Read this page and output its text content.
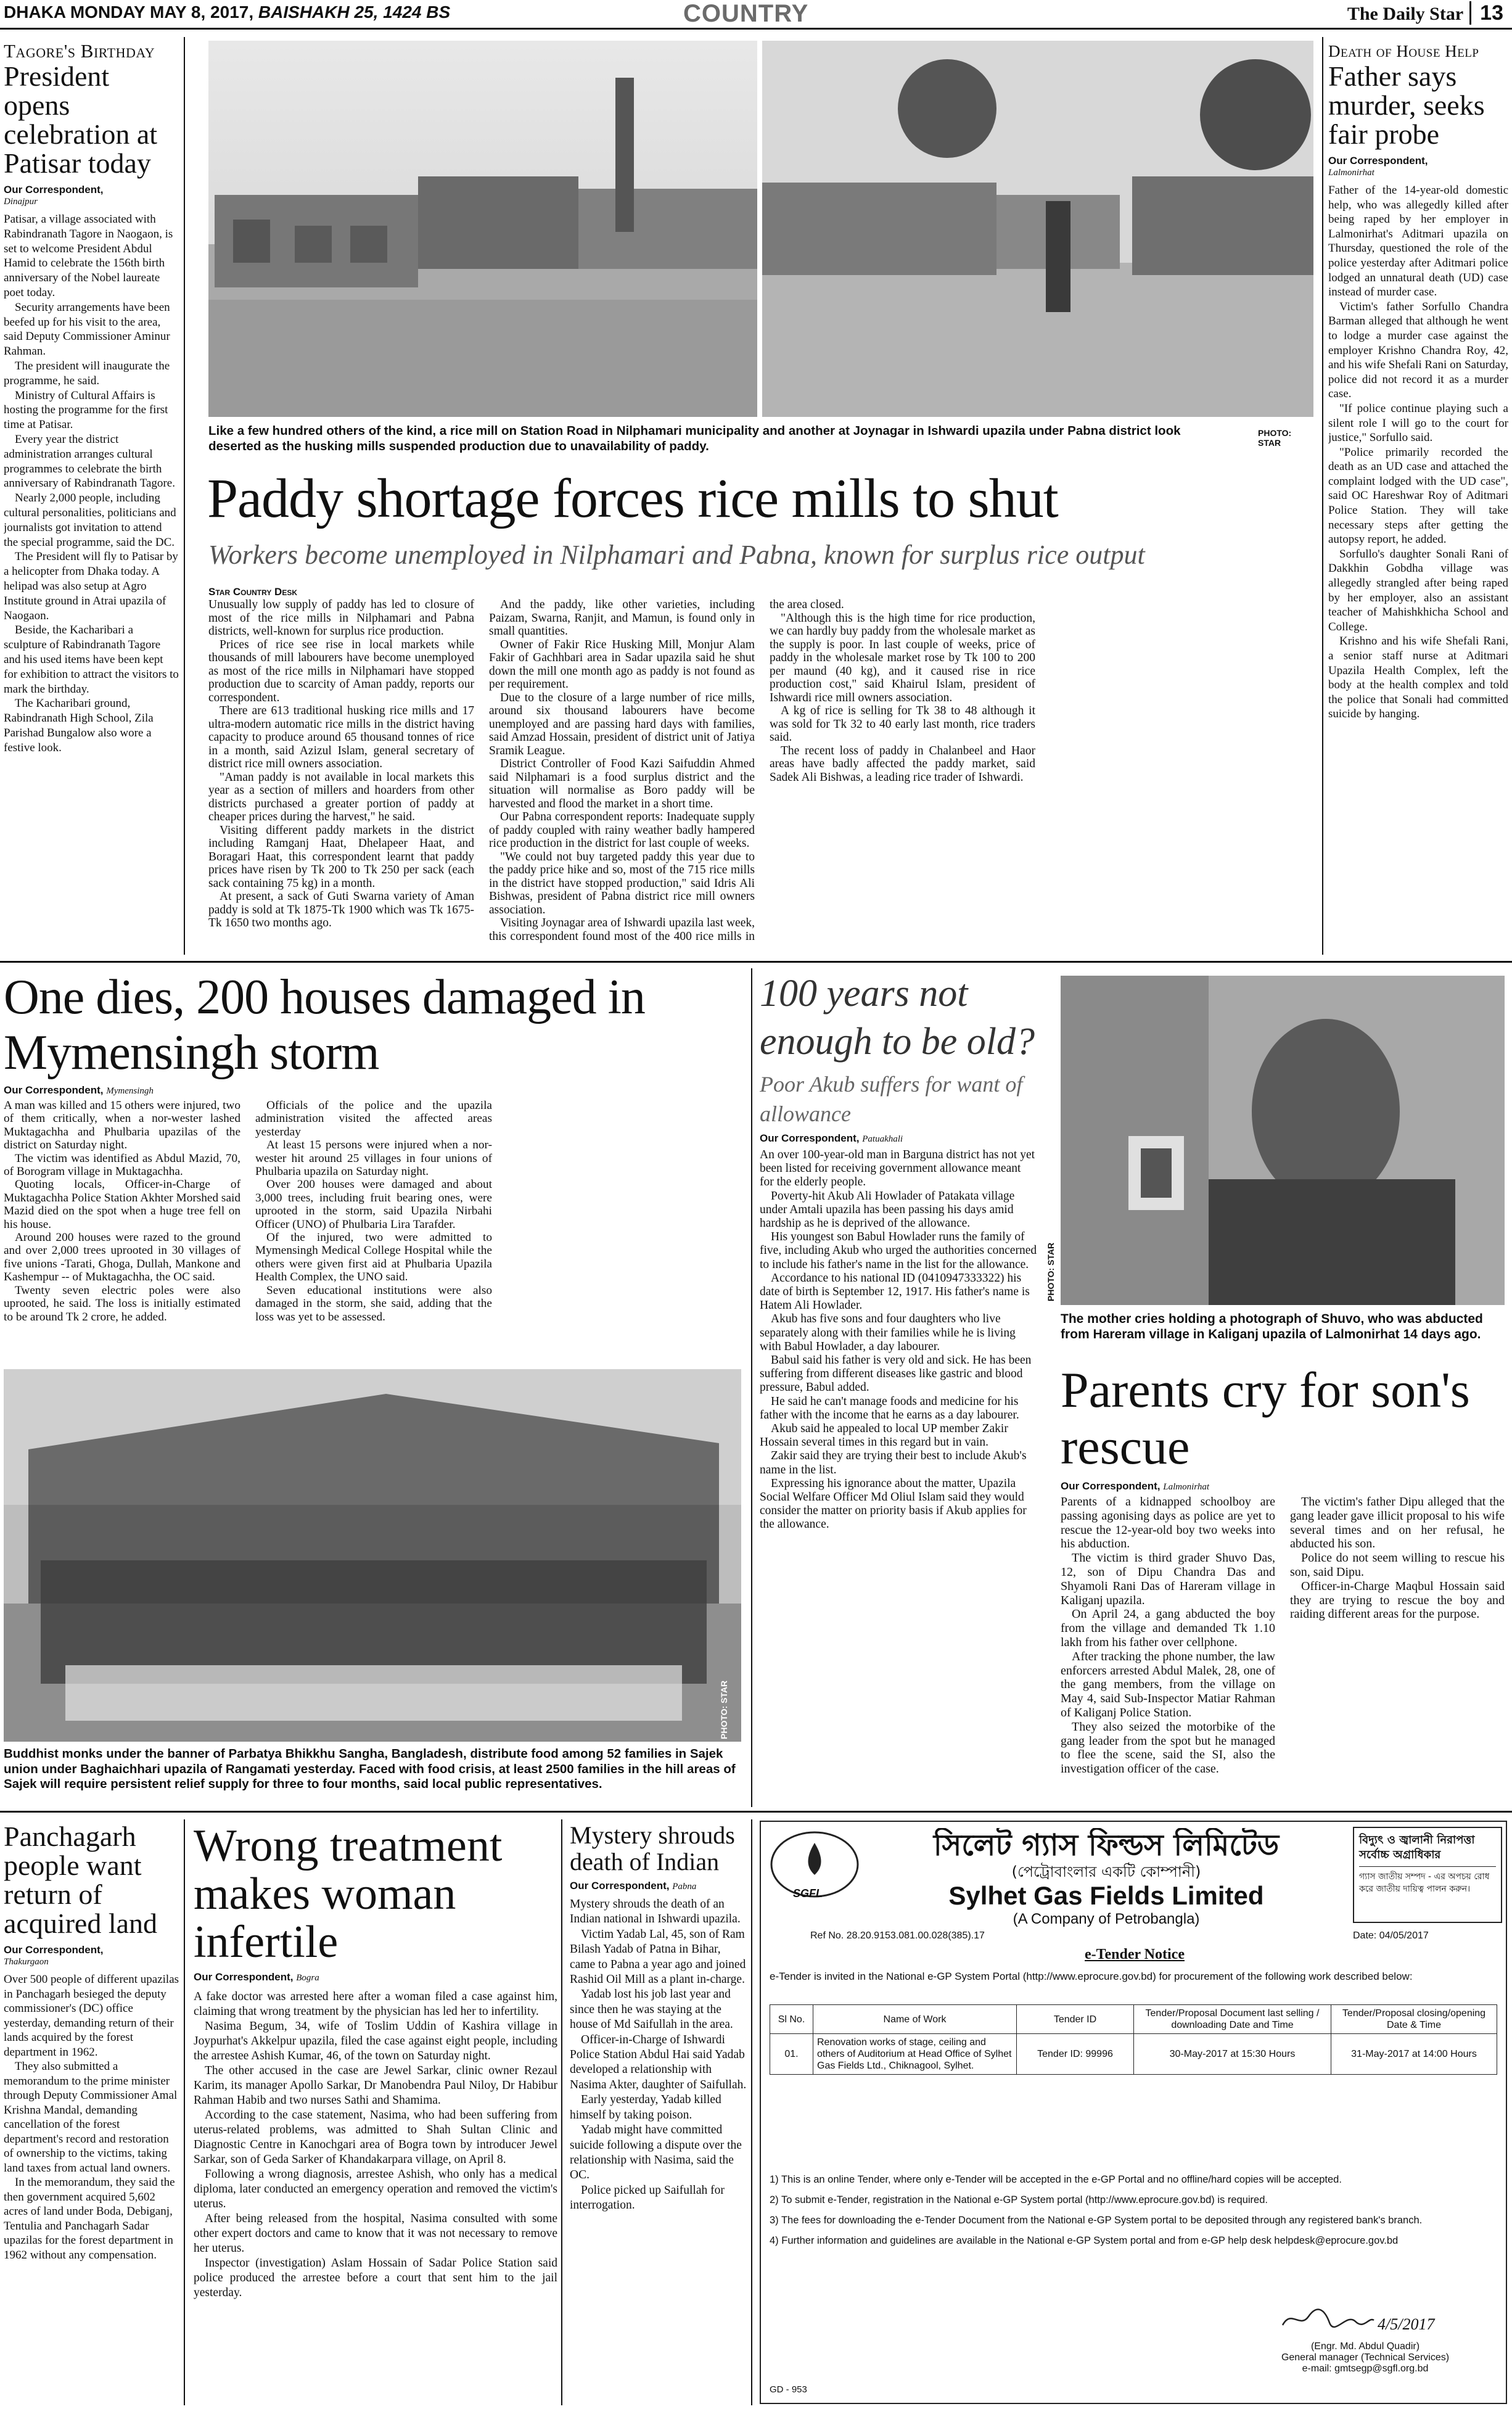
DHAKA MONDAY MAY 8, 2017, BAISHAKH 25, 1424 BS	COUNTRY	The Daily Star 13
Tagore's Birthday
President opens celebration at Patisar today
Our Correspondent,
Dinajpur

Patisar, a village associated with Rabindranath Tagore in Naogaon, is set to welcome President Abdul Hamid to celebrate the 156th birth anniversary of the Nobel laureate poet today.

Security arrangements have been beefed up for his visit to the area, said Deputy Commissioner Aminur Rahman.

The president will inaugurate the programme, he said.

Ministry of Cultural Affairs is hosting the programme for the first time at Patisar.

Every year the district administration arranges cultural programmes to celebrate the birth anniversary of Rabindranath Tagore.

Nearly 2,000 people, including cultural personalities, politicians and journalists got invitation to attend the special programme, said the DC.

The President will fly to Patisar by a helicopter from Dhaka today. A helipad was also setup at Agro Institute ground in Atrai upazila of Naogaon.

Beside, the Kacharibari a sculpture of Rabindranath Tagore and his used items have been kept for exhibition to attract the visitors to mark the birthday.

The Kacharibari ground, Rabindranath High School, Zila Parishad Bungalow also wore a festive look.

Like a few hundred others of the kind, a rice mill on Station Road in Nilphamari municipality and another at Joynagar in Ishwardi upazila under Pabna district look deserted as the husking mills suspended production due to unavailability of paddy.
PHOTO: STAR
Paddy shortage forces rice mills to shut
Workers become unemployed in Nilphamari and Pabna, known for surplus rice output
Star Country Desk

Unusually low supply of paddy has led to closure of most of the rice mills in Nilphamari and Pabna districts, well-known for surplus rice production.

Prices of rice see rise in local markets while thousands of mill labourers have become unemployed as most of the rice mills in Nilphamari have stopped production due to scarcity of Aman paddy, reports our correspondent.

There are 613 traditional husking rice mills and 17 ultra-modern automatic rice mills in the district having capacity to produce around 65 thousand tonnes of rice in a month, said Azizul Islam, general secretary of district rice mill owners association.

"Aman paddy is not available in local markets this year as a section of millers and hoarders from other districts purchased a greater portion of paddy at cheaper prices during the harvest," he said.

Visiting different paddy markets in the district including Ramganj Haat, Dhelapeer Haat, and Boragari Haat, this correspondent learnt that paddy prices have risen by Tk 200 to Tk 250 per sack (each sack containing 75 kg) in a month.

At present, a sack of Guti Swarna variety of Aman paddy is sold at Tk 1875-Tk 1900 which was Tk 1675-Tk 1650 two months ago.

And the paddy, like other varieties, including Paizam, Swarna, Ranjit, and Mamun, is found only in small quantities.

Owner of Fakir Rice Husking Mill, Monjur Alam Fakir of Gachhbari area in Sadar upazila said he shut down the mill one month ago as paddy is not found as per requirement.

Due to the closure of a large number of rice mills, around six thousand labourers have become unemployed and are passing hard days with families, said Amzad Hossain, president of district unit of Jatiya Sramik League.

District Controller of Food Kazi Saifuddin Ahmed said Nilphamari is a food surplus district and the situation will normalise as Boro paddy will be harvested and flood the market in a short time.

Our Pabna correspondent reports: Inadequate supply of paddy coupled with rainy weather badly hampered rice production in the district for last couple of weeks.

"We could not buy targeted paddy this year due to the paddy price hike and so, most of the 715 rice mills in the district have stopped production," said Idris Ali Bishwas, president of Pabna district rice mill owners association.

Visiting Joynagar area of Ishwardi upazila last week, this correspondent found most of the 400 rice mills in the area closed.

"Although this is the high time for rice production, we can hardly buy paddy from the wholesale market as the supply is poor. In last couple of weeks, price of paddy in the wholesale market rose by Tk 100 to 200 per maund (40 kg), and it caused rise in rice production cost," said Khairul Islam, president of Ishwardi rice mill owners association.

A kg of rice is selling for Tk 38 to 48 although it was sold for Tk 32 to 40 early last month, rice traders said.

The recent loss of paddy in Chalanbeel and Haor areas have badly affected the paddy market, said Sadek Ali Bishwas, a leading rice trader of Ishwardi.

Death of House Help
Father says murder, seeks fair probe
Our Correspondent,
Lalmonirhat

Father of the 14-year-old domestic help, who was allegedly killed after being raped by her employer in Lalmonirhat's Aditmari upazila on Thursday, questioned the role of the police yesterday after Aditmari police lodged an unnatural death (UD) case instead of murder case.

Victim's father Sorfullo Chandra Barman alleged that although he went to lodge a murder case against the employer Krishno Chandra Roy, 42, and his wife Shefali Rani on Saturday, police did not record it as a murder case.

"If police continue playing such a silent role I will go to the court for justice," Sorfullo said.

"Police primarily recorded the death as an UD case and attached the complaint lodged with the UD case", said OC Hareshwar Roy of Aditmari Police Station. They will take necessary steps after getting the autopsy report, he added.

Sorfullo's daughter Sonali Rani of Dakkhin Gobdha village was allegedly strangled after being raped by her employer, also an assistant teacher of Mahishkhicha School and College.

Krishno and his wife Shefali Rani, a senior staff nurse at Aditmari Upazila Health Complex, left the body at the health complex and told the police that Sonali had committed suicide by hanging.

One dies, 200 houses damaged in Mymensingh storm
Our Correspondent, Mymensingh

A man was killed and 15 others were injured, two of them critically, when a nor-wester lashed Muktagachha and Phulbaria upazilas of the district on Saturday night.

The victim was identified as Abdul Mazid, 70, of Borogram village in Muktagachha.

Quoting locals, Officer-in-Charge of Muktagachha Police Station Akhter Morshed said Mazid died on the spot when a huge tree fell on his house.

Around 200 houses were razed to the ground and over 2,000 trees uprooted in 30 villages of five unions -Tarati, Ghoga, Dullah, Mankone and Kashempur -- of Muktagachha, the OC said.

Twenty seven electric poles were also uprooted, he said. The loss is initially estimated to be around Tk 2 crore, he added.

Officials of the police and the upazila administration visited the affected areas yesterday

At least 15 persons were injured when a nor-wester hit around 25 villages in four unions of Phulbaria upazila on Saturday night.

Over 200 houses were damaged and about 3,000 trees, including fruit bearing ones, were uprooted in the storm, said Upazila Nirbahi Officer (UNO) of Phulbaria Lira Tarafder.

Of the injured, two were admitted to Mymensingh Medical College Hospital while the others were given first aid at Phulbaria Upazila Health Complex, the UNO said.

Seven educational institutions were also damaged in the storm, she said, adding that the loss was yet to be assessed.

PHOTO: STAR
Buddhist monks under the banner of Parbatya Bhikkhu Sangha, Bangladesh, distribute food among 52 families in Sajek union under Baghaichhari upazila of Rangamati yesterday. Faced with food crisis, at least 2500 families in the hill areas of Sajek will require persistent relief supply for three to four months, said local public representatives.
100 years not enough to be old?
Poor Akub suffers for want of allowance
Our Correspondent, Patuakhali

An over 100-year-old man in Barguna district has not yet been listed for receiving government allowance meant for the elderly people.

Poverty-hit Akub Ali Howlader of Patakata village under Amtali upazila has been passing his days amid hardship as he is deprived of the allowance.

His youngest son Babul Howlader runs the family of five, including Akub who urged the authorities concerned to include his father's name in the list for the allowance.

Accordance to his national ID (0410947333322) his date of birth is September 12, 1917. His father's name is Hatem Ali Howlader.

Akub has five sons and four daughters who live separately along with their families while he is living with Babul Howlader, a day labourer.

Babul said his father is very old and sick. He has been suffering from different diseases like gastric and blood pressure, Babul added.

He said he can't manage foods and medicine for his father with the income that he earns as a day labourer.

Akub said he appealed to local UP member Zakir Hossain several times in this regard but in vain.

Zakir said they are trying their best to include Akub's name in the list.

Expressing his ignorance about the matter, Upazila Social Welfare Officer Md Oliul Islam said they would consider the matter on priority basis if Akub applies for the allowance.

PHOTO: STAR
The mother cries holding a photograph of Shuvo, who was abducted from Hareram village in Kaliganj upazila of Lalmonirhat 14 days ago.
Parents cry for son's rescue
Our Correspondent, Lalmonirhat

Parents of a kidnapped schoolboy are passing agonising days as police are yet to rescue the 12-year-old boy two weeks into his abduction.

The victim is third grader Shuvo Das, 12, son of Dipu Chandra Das and Shyamoli Rani Das of Hareram village in Kaliganj upazila.

On April 24, a gang abducted the boy from the village and demanded Tk 1.10 lakh from his father over cellphone.

After tracking the phone number, the law enforcers arrested Abdul Malek, 28, one of the gang members, from the village on May 4, said Sub-Inspector Matiar Rahman of Kaliganj Police Station.

They also seized the motorbike of the gang leader from the spot but he managed to flee the scene, said the SI, also the investigation officer of the case.

The victim's father Dipu alleged that the gang leader gave illicit proposal to his wife several times and on her refusal, he abducted his son.

Police do not seem willing to rescue his son, said Dipu.

Officer-in-Charge Maqbul Hossain said they are trying to rescue the boy and raiding different areas for the purpose.

Panchagarh people want return of acquired land
Our Correspondent,
Thakurgaon

Over 500 people of different upazilas in Panchagarh besieged the deputy commissioner's (DC) office yesterday, demanding return of their lands acquired by the forest department in 1962.

They also submitted a memorandum to the prime minister through Deputy Commissioner Amal Krishna Mandal, demanding cancellation of the forest department's record and restoration of ownership to the victims, taking land taxes from actual land owners.

In the memorandum, they said the then government acquired 5,602 acres of land under Boda, Debiganj, Tentulia and Panchagarh Sadar upazilas for the forest department in 1962 without any compensation.

Wrong treatment makes woman infertile
Our Correspondent, Bogra

A fake doctor was arrested here after a woman filed a case against him, claiming that wrong treatment by the physician has led her to infertility.

Nasima Begum, 34, wife of Toslim Uddin of Kashira village in Joypurhat's Akkelpur upazila, filed the case against eight people, including the arrestee Ashish Kumar, 46, of the town on Saturday night.

The other accused in the case are Jewel Sarkar, clinic owner Rezaul Karim, its manager Apollo Sarkar, Dr Manobendra Paul Niloy, Dr Habibur Rahman Habib and two nurses Sathi and Shamima.

According to the case statement, Nasima, who had been suffering from uterus-related problems, was admitted to Shah Sultan Clinic and Diagnostic Centre in Kanochgari area of Bogra town by introducer Jewel Sarkar, son of Geda Sarker of Khandakarpara village, on April 8.

Following a wrong diagnosis, arrestee Ashish, who only has a medical diploma, later conducted an emergency operation and removed the victim's uterus.

After being released from the hospital, Nasima consulted with some other expert doctors and came to know that it was not necessary to remove her uterus.

Inspector (investigation) Aslam Hossain of Sadar Police Station said police produced the arrestee before a court that sent him to the jail yesterday.

Mystery shrouds death of Indian
Our Correspondent, Pabna

Mystery shrouds the death of an Indian national in Ishwardi upazila.

Victim Yadab Lal, 45, son of Ram Bilash Yadab of Patna in Bihar, came to Pabna a year ago and joined Rashid Oil Mill as a plant in-charge.

Yadab lost his job last year and since then he was staying at the house of Md Saifullah in the area.

Officer-in-Charge of Ishwardi Police Station Abdul Hai said Yadab developed a relationship with Nasima Akter, daughter of Saifullah.

Early yesterday, Yadab killed himself by taking poison.

Yadab might have committed suicide following a dispute over the relationship with Nasima, said the OC.

Police picked up Saifullah for interrogation.

SGFL
সিলেট গ্যাস ফিল্ডস লিমিটেড
(পেট্রোবাংলার একটি কোম্পানী)
Sylhet Gas Fields Limited
(A Company of Petrobangla)
বিদ্যুৎ ও জ্বালানী নিরাপত্তা সর্বোচ্চ অগ্রাধিকার
গ্যাস জাতীয় সম্পদ - এর অপচয় রোধ করে জাতীয় দায়িত্ব পালন করুন।
Ref No. 28.20.9153.081.00.028(385).17	Date: 04/05/2017
e-Tender Notice
e-Tender is invited in the National e-GP System Portal (http://www.eprocure.gov.bd) for procurement of the following work described below:
Sl No.	Name of Work	Tender ID	Tender/Proposal Document last selling / downloading Date and Time	Tender/Proposal closing/opening Date & Time
01.	Renovation works of stage, ceiling and others of Auditorium at Head Office of Sylhet Gas Fields Ltd., Chiknagool, Sylhet.	Tender ID: 99996	30-May-2017 at 15:30 Hours	31-May-2017 at 14:00 Hours
1) This is an online Tender, where only e-Tender will be accepted in the e-GP Portal and no offline/hard copies will be accepted.
2) To submit e-Tender, registration in the National e-GP System portal (http://www.eprocure.gov.bd) is required.
3) The fees for downloading the e-Tender Document from the National e-GP System portal to be deposited through any registered bank's branch.
4) Further information and guidelines are available in the National e-GP System portal and from e-GP help desk helpdesk@eprocure.gov.bd
4/5/2017
(Engr. Md. Abdul Quadir)
General manager (Technical Services)
e-mail: gmtsegp@sgfl.org.bd
GD - 953
